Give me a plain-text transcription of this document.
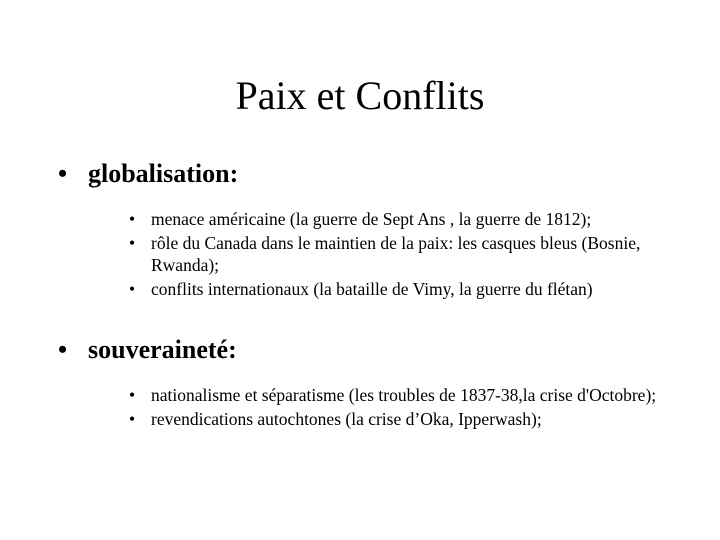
Paix et Conflits

• globalisation:

• menace américaine (la guerre de Sept Ans , la guerre de 1812);
• rôle du Canada dans le maintien de la paix: les casques bleus (Bosnie, Rwanda);
• conflits internationaux (la bataille de Vimy, la guerre du flétan)

• souveraineté:

• nationalisme et séparatisme (les troubles de 1837-38,la crise d'Octobre);
• revendications autochtones (la crise d’Oka, Ipperwash);
